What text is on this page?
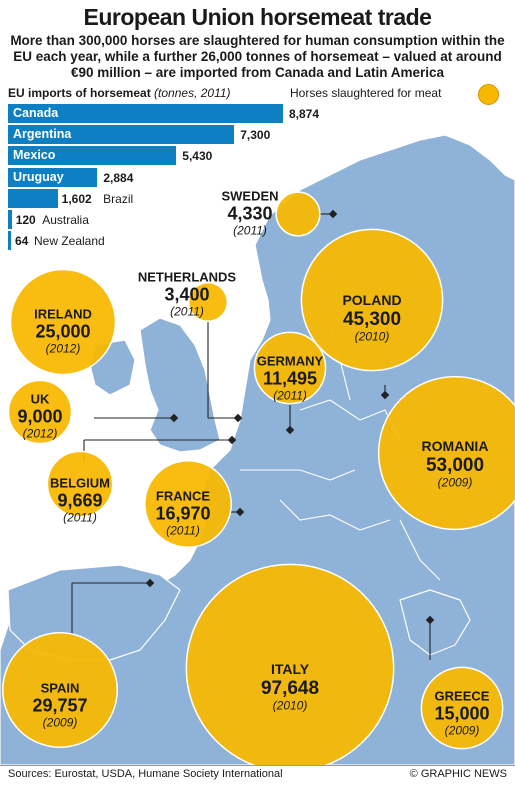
European Union horsemeat trade
More than 300,000 horses are slaughtered for human consumption within the EU each year, while a further 26,000 tonnes of horsemeat – valued at around €90 million – are imported from Canada and Latin America
SWEDEN
4,330
(2011)
NETHERLANDS
3,400
(2011)
IRELAND
25,000
(2012)
POLAND
45,300
(2010)
GERMANY
11,495
(2011)
UK
9,000
(2012)
ROMANIA
53,000
(2009)
BELGIUM
9,669
(2011)
FRANCE
16,970
(2011)
SPAIN
29,757
(2009)
ITALY
97,648
(2010)
GREECE
15,000
(2009)
EU imports of horsemeat (tonnes, 2011)	Horses slaughtered for meat
Canada	8,874
Argentina	7,300
Mexico	5,430
Uruguay	2,884
1,602 Brazil
120 Australia
64 New Zealand
Sources: Eurostat, USDA, Humane Society International	© GRAPHIC NEWS
